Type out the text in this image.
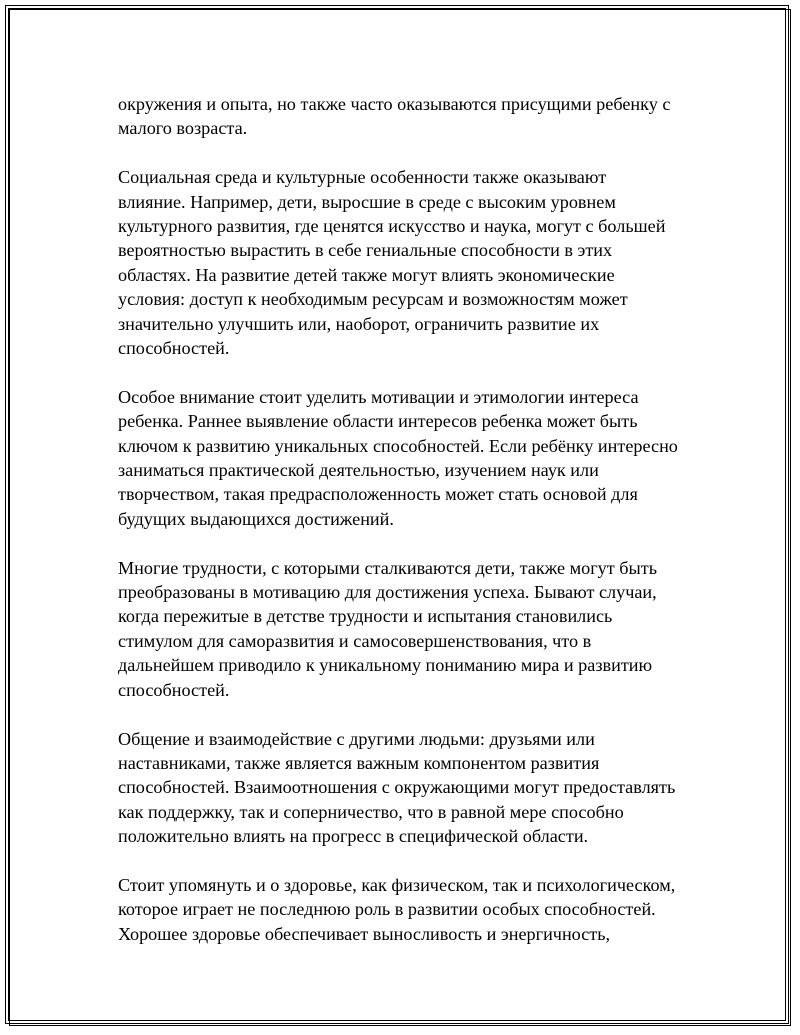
окружения и опыта, но также часто оказываются присущими ребенку с
малого возраста.
Социальная среда и культурные особенности также оказывают
влияние. Например, дети, выросшие в среде с высоким уровнем
культурного развития, где ценятся искусство и наука, могут с большей
вероятностью вырастить в себе гениальные способности в этих
областях. На развитие детей также могут влиять экономические
условия: доступ к необходимым ресурсам и возможностям может
значительно улучшить или, наоборот, ограничить развитие их
способностей.
Особое внимание стоит уделить мотивации и этимологии интереса
ребенка. Раннее выявление области интересов ребенка может быть
ключом к развитию уникальных способностей. Если ребёнку интересно
заниматься практической деятельностью, изучением наук или
творчеством, такая предрасположенность может стать основой для
будущих выдающихся достижений.
Многие трудности, с которыми сталкиваются дети, также могут быть
преобразованы в мотивацию для достижения успеха. Бывают случаи,
когда пережитые в детстве трудности и испытания становились
стимулом для саморазвития и самосовершенствования, что в
дальнейшем приводило к уникальному пониманию мира и развитию
способностей.
Общение и взаимодействие с другими людьми: друзьями или
наставниками, также является важным компонентом развития
способностей. Взаимоотношения с окружающими могут предоставлять
как поддержку, так и соперничество, что в равной мере способно
положительно влиять на прогресс в специфической области.
Стоит упомянуть и о здоровье, как физическом, так и психологическом,
которое играет не последнюю роль в развитии особых способностей.
Хорошее здоровье обеспечивает выносливость и энергичность,
